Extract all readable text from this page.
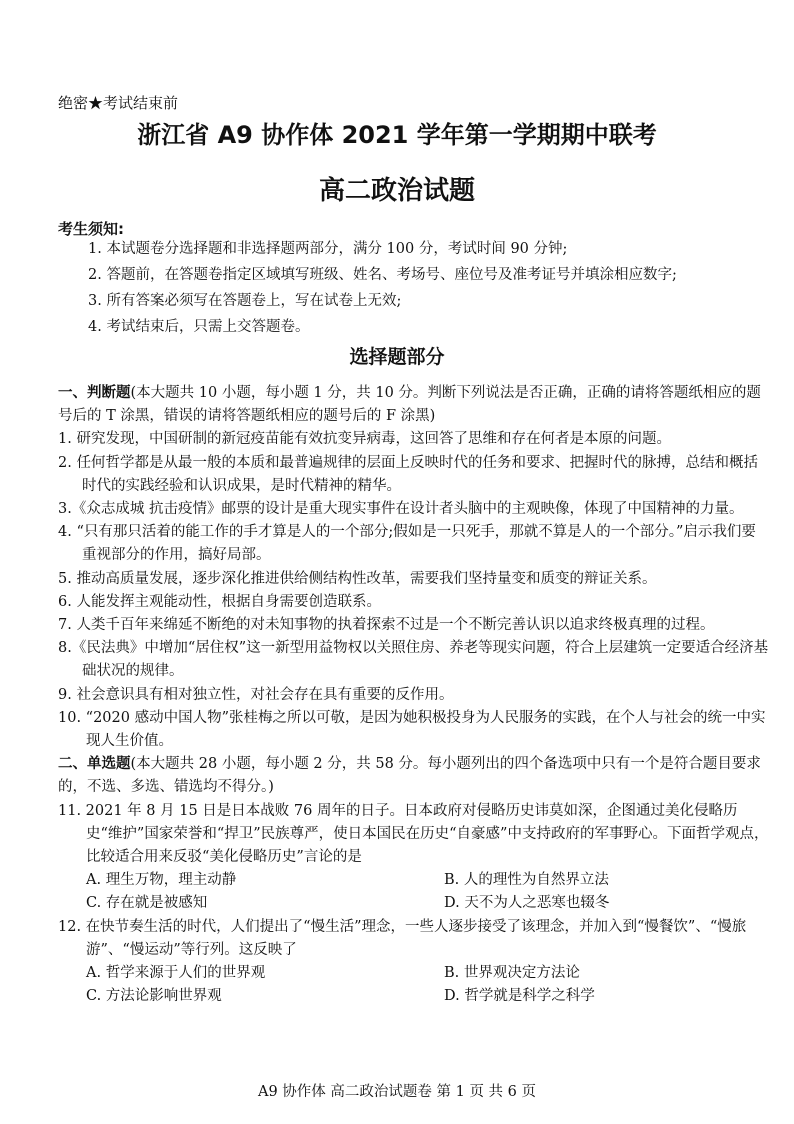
绝密★考试结束前
浙江省 A9 协作体 2021 学年第一学期期中联考
高二政治试题
考生须知:
1. 本试题卷分选择题和非选择题两部分，满分 100 分，考试时间 90 分钟;
2. 答题前，在答题卷指定区域填写班级、姓名、考场号、座位号及准考证号并填涂相应数字;
3. 所有答案必须写在答题卷上，写在试卷上无效;
4. 考试结束后，只需上交答题卷。
选择题部分

一、判断题(本大题共 10 小题，每小题 1 分，共 10 分。判断下列说法是否正确，正确的请将答题纸相应的题号后的 T 涂黑，错误的请将答题纸相应的题号后的 F 涂黑)

1. 研究发现，中国研制的新冠疫苗能有效抗变异病毒，这回答了思维和存在何者是本原的问题。

2. 任何哲学都是从最一般的本质和最普遍规律的层面上反映时代的任务和要求、把握时代的脉搏，总结和概括时代的实践经验和认识成果，是时代精神的精华。

3.《众志成城 抗击疫情》邮票的设计是重大现实事件在设计者头脑中的主观映像，体现了中国精神的力量。

4. “只有那只活着的能工作的手才算是人的一个部分;假如是一只死手，那就不算是人的一个部分。”启示我们要重视部分的作用，搞好局部。

5. 推动高质量发展，逐步深化推进供给侧结构性改革，需要我们坚持量变和质变的辩证关系。

6. 人能发挥主观能动性，根据自身需要创造联系。

7. 人类千百年来绵延不断绝的对未知事物的执着探索不过是一个不断完善认识以追求终极真理的过程。

8.《民法典》中增加“居住权”这一新型用益物权以关照住房、养老等现实问题，符合上层建筑一定要适合经济基础状况的规律。

9. 社会意识具有相对独立性，对社会存在具有重要的反作用。

10. “2020 感动中国人物”张桂梅之所以可敬，是因为她积极投身为人民服务的实践，在个人与社会的统一中实现人生价值。

二、单选题(本大题共 28 小题，每小题 2 分，共 58 分。每小题列出的四个备选项中只有一个是符合题目要求的，不选、多选、错选均不得分。)

11. 2021 年 8 月 15 日是日本战败 76 周年的日子。日本政府对侵略历史讳莫如深，企图通过美化侵略历史“维护”国家荣誉和“捍卫”民族尊严，使日本国民在历史“自豪感”中支持政府的军事野心。下面哲学观点，比较适合用来反驳“美化侵略历史”言论的是

A. 理生万物，理主动静	B. 人的理性为自然界立法
C. 存在就是被感知	D. 天不为人之恶寒也辍冬

12. 在快节奏生活的时代，人们提出了“慢生活”理念，一些人逐步接受了该理念，并加入到“慢餐饮”、“慢旅游”、“慢运动”等行列。这反映了

A. 哲学来源于人们的世界观	B. 世界观决定方法论
C. 方法论影响世界观	D. 哲学就是科学之科学
A9 协作体 高二政治试题卷 第 1 页 共 6 页
